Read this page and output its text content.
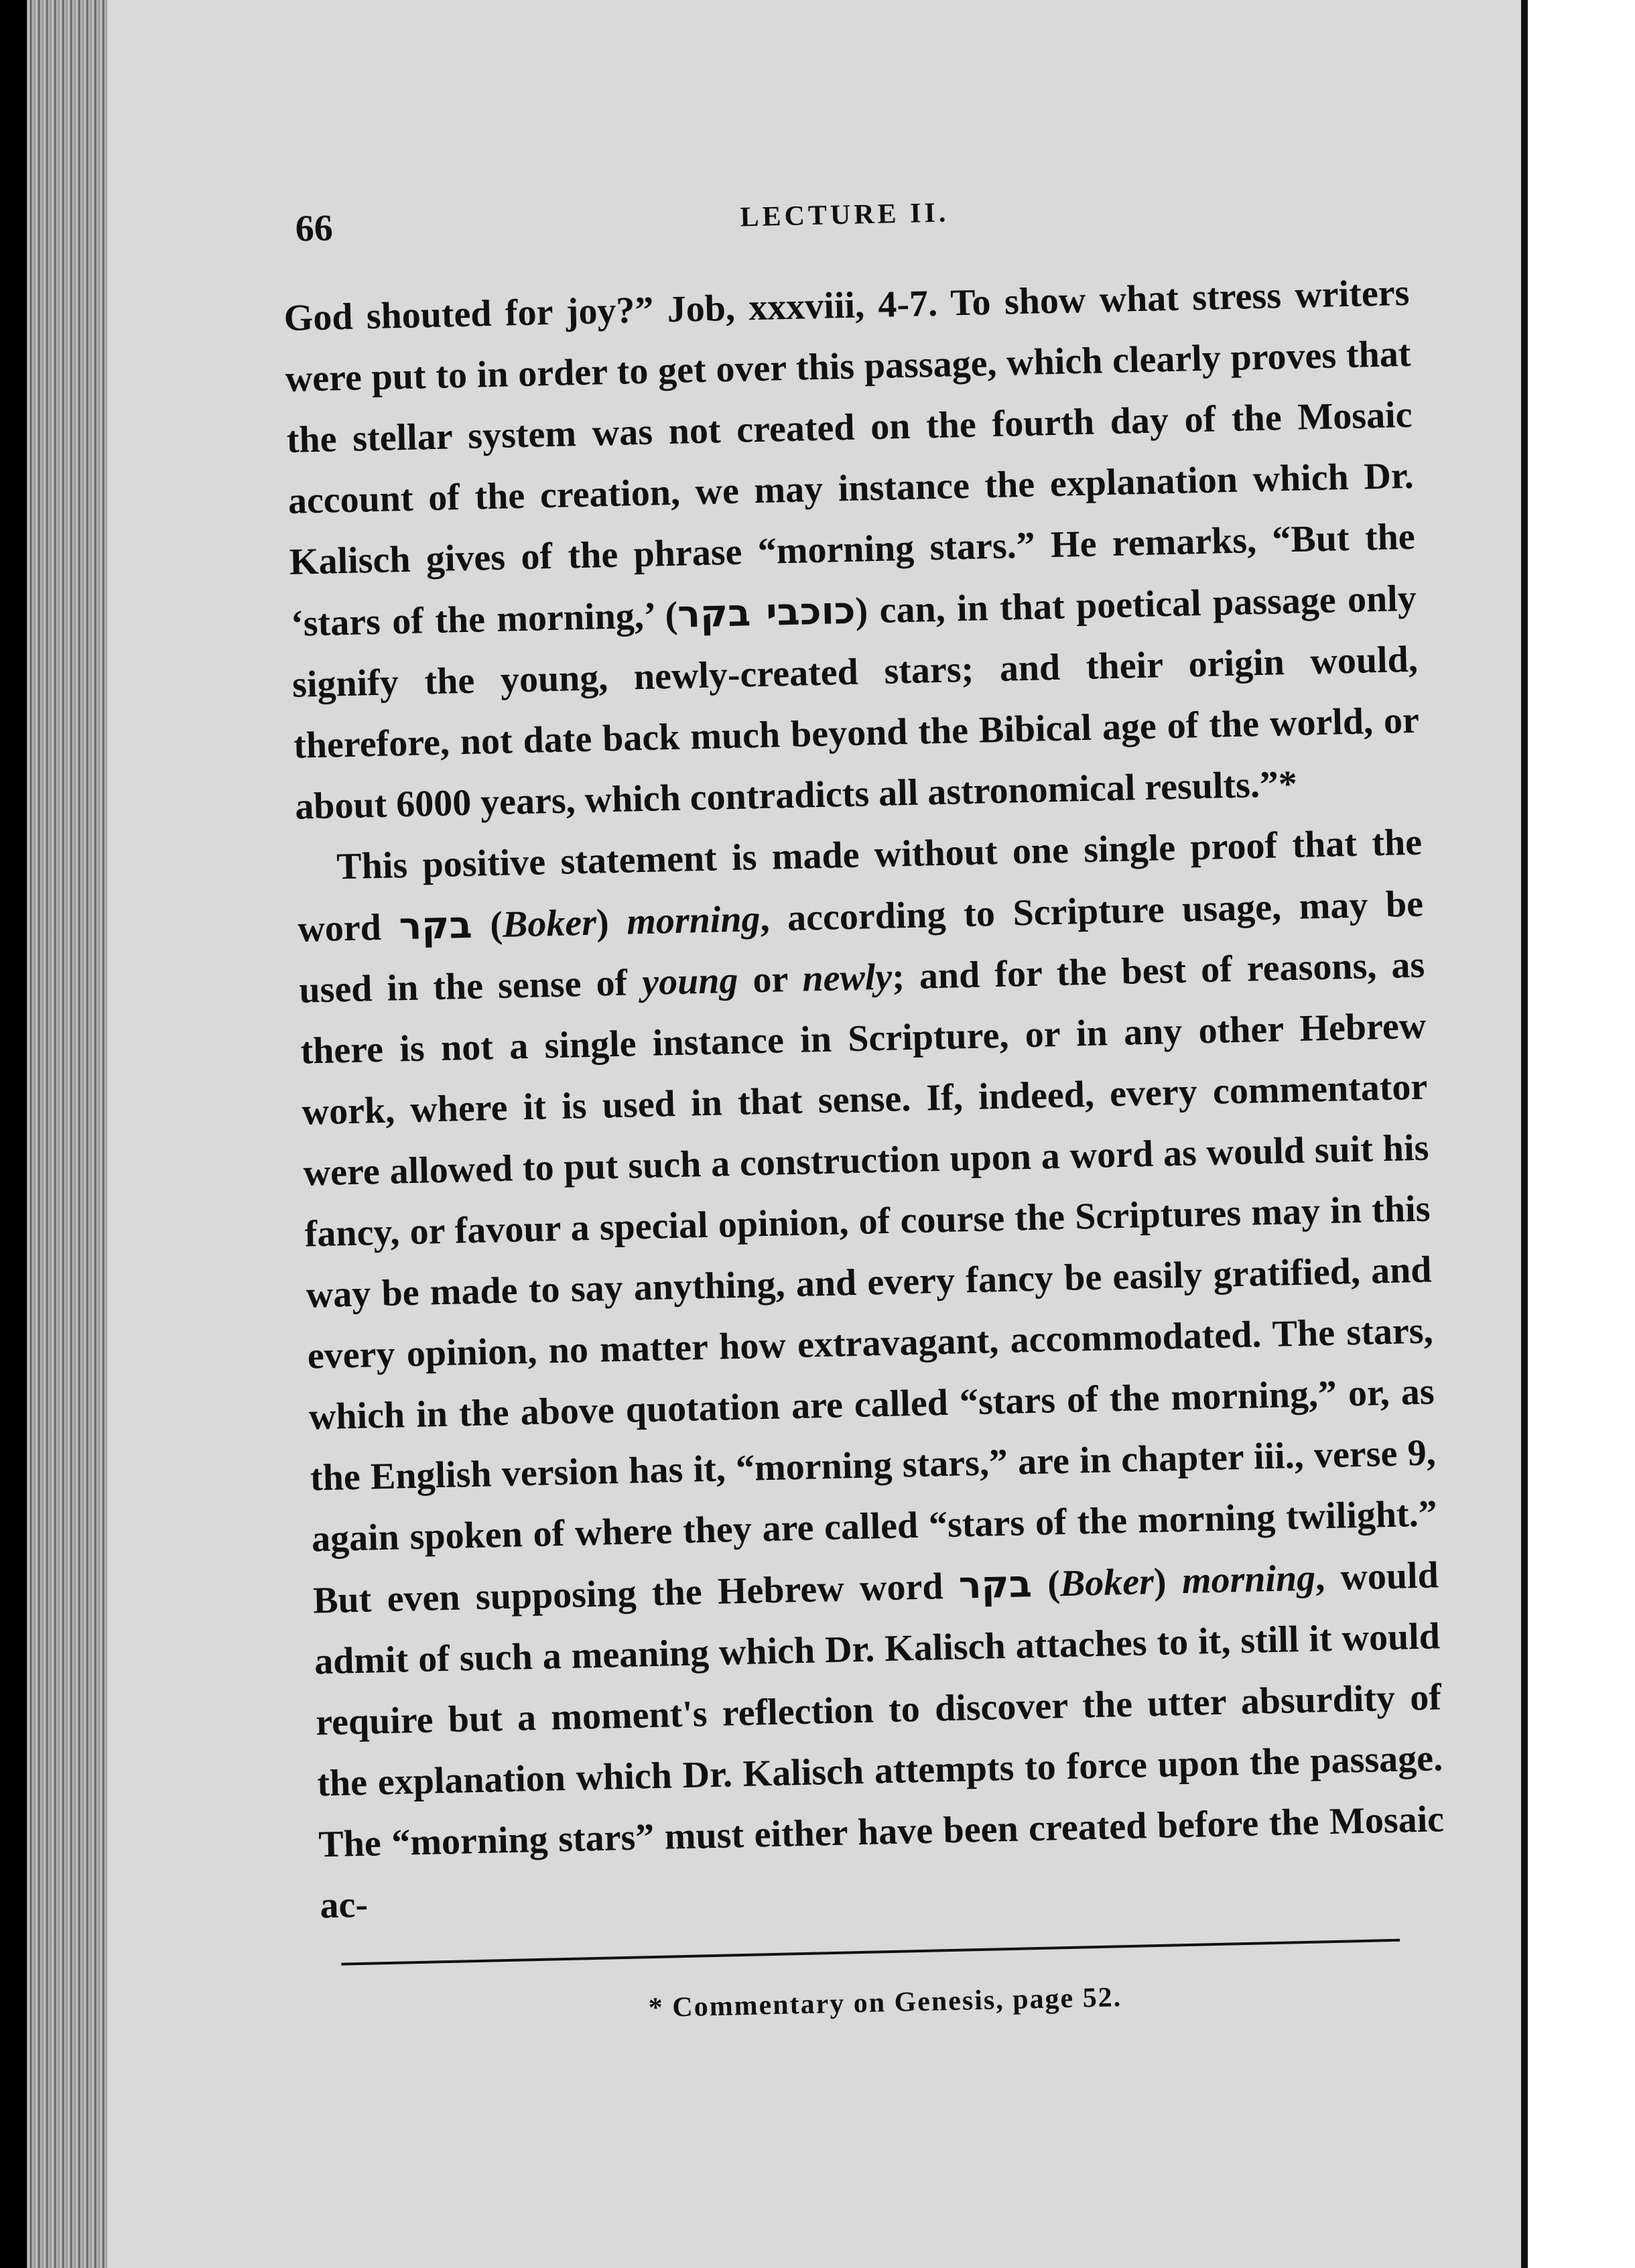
66	LECTURE II.

God shouted for joy?” Job, xxxviii, 4-7. To show what stress writers were put to in order to get over this passage, which clearly proves that the stellar system was not created on the fourth day of the Mosaic account of the creation, we may instance the explanation which Dr. Kalisch gives of the phrase “morning stars.” He remarks, “But the ‘stars of the morning,’ (כוכבי בקר) can, in that poetical passage only signify the young, newly-created stars; and their origin would, therefore, not date back much beyond the Bibical age of the world, or about 6000 years, which contradicts all astronomical results.”*

This positive statement is made without one single proof that the word בקר (Boker) morning, according to Scripture usage, may be used in the sense of young or newly; and for the best of reasons, as there is not a single instance in Scripture, or in any other Hebrew work, where it is used in that sense. If, indeed, every commentator were allowed to put such a construction upon a word as would suit his fancy, or favour a special opinion, of course the Scriptures may in this way be made to say anything, and every fancy be easily gratified, and every opinion, no matter how extravagant, accommodated. The stars, which in the above quotation are called “stars of the morning,” or, as the English version has it, “morning stars,” are in chapter iii., verse 9, again spoken of where they are called “stars of the morning twilight.” But even supposing the Hebrew word בקר (Boker) morning, would admit of such a meaning which Dr. Kalisch attaches to it, still it would require but a moment's reflection to discover the utter absurdity of the explanation which Dr. Kalisch attempts to force upon the passage. The “morning stars” must either have been created before the Mosaic ac-

* Commentary on Genesis, page 52.
